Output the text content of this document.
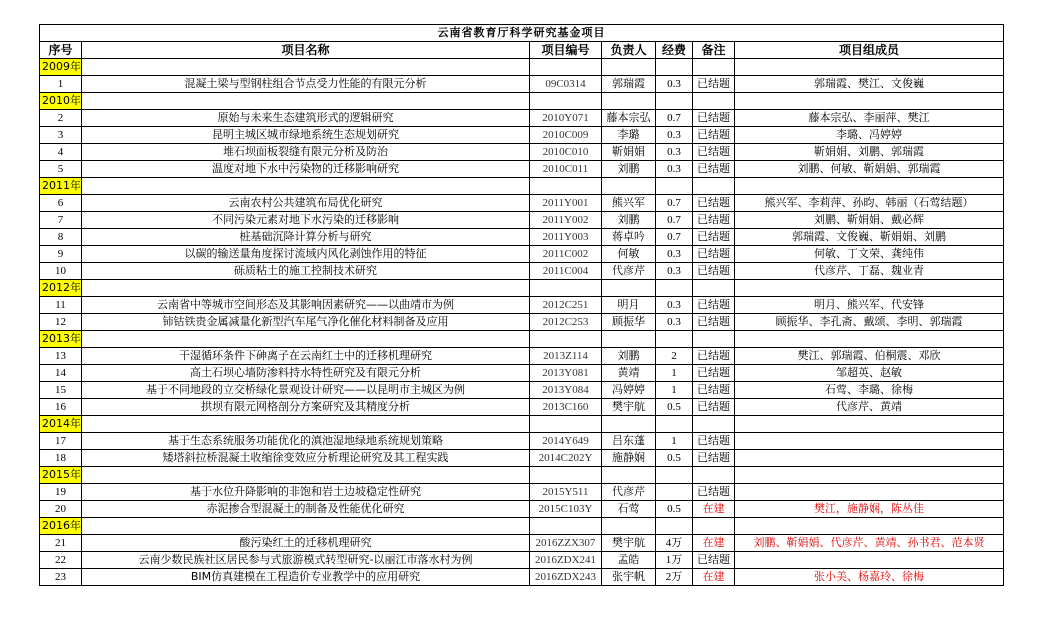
云南省教育厅科学研究基金项目						
序号	项目名称	项目编号	负责人	经费	备注	项目组成员
2009年						
1	混凝土梁与型钢柱组合节点受力性能的有限元分析	09C0314	郭瑞霞	0.3	已结题	郭瑞霞、樊江、文俊巍
2010年						
2	原始与未来生态建筑形式的逻辑研究	2010Y071	藤本宗弘	0.7	已结题	藤本宗弘、李丽萍、樊江
3	昆明主城区城市绿地系统生态规划研究	2010C009	李璐	0.3	已结题	李璐、冯婷婷
4	堆石坝面板裂缝有限元分析及防治	2010C010	靳娟娟	0.3	已结题	靳娟娟、刘鹏、郭瑞霞
5	温度对地下水中污染物的迁移影响研究	2010C011	刘鹏	0.3	已结题	刘鹏、何敏、靳娟娟、郭瑞霞
2011年						
6	云南农村公共建筑布局优化研究	2011Y001	熊兴军	0.7	已结题	熊兴军、李莉萍、孙昀、韩丽（石莺结题）
7	不同污染元素对地下水污染的迁移影响	2011Y002	刘鹏	0.7	已结题	刘鹏、靳娟娟、戴必辉
8	桩基础沉降计算分析与研究	2011Y003	蒋卓吟	0.7	已结题	郭瑞霞、文俊巍、靳娟娟、刘鹏
9	以碳的输送量角度探讨流域内风化剥蚀作用的特征	2011C002	何敏	0.3	已结题	何敏、丁文荣、龚纯伟
10	砾质粘土的施工控制技术研究	2011C004	代彦芹	0.3	已结题	代彦芹、丁磊、魏业青
2012年						
11	云南省中等城市空间形态及其影响因素研究——以曲靖市为例	2012C251	明月	0.3	已结题	明月、熊兴军、代安锋
12	铈钴铁贵金属减量化新型汽车尾气净化催化材料制备及应用	2012C253	顾振华	0.3	已结题	顾振华、李孔斋、戴颂、李明、郭瑞霞
2013年						
13	干湿循环条件下砷离子在云南红土中的迁移机理研究	2013Z114	刘鹏	2	已结题	樊江、郭瑞霞、伯桐震、邓欣
14	高土石坝心墙防渗料持水特性研究及有限元分析	2013Y081	黄靖	1	已结题	邹超英、赵敏
15	基于不同地段的立交桥绿化景观设计研究——以昆明市主城区为例	2013Y084	冯婷婷	1	已结题	石莺、李璐、徐梅
16	拱坝有限元网格剖分方案研究及其精度分析	2013C160	樊宇航	0.5	已结题	代彦芹、黄靖
2014年						
17	基于生态系统服务功能优化的滇池湿地绿地系统规划策略	2014Y649	吕东蓬	1	已结题	
18	矮塔斜拉桥混凝土收缩徐变效应分析理论研究及其工程实践	2014C202Y	施静娴	0.5	已结题	
2015年						
19	基于水位升降影响的非饱和岩土边坡稳定性研究	2015Y511	代彦芹		已结题	
20	赤泥掺合型混凝土的制备及性能优化研究	2015C103Y	石莺	0.5	在建	樊江，施静娴，陈丛佳
2016年						
21	酸污染红土的迁移机理研究	2016ZZX307	樊宇航	4万	在建	刘鹏、靳娟娟、代彦芹、黄靖、孙书君、范本贤
22	云南少数民族社区居民参与式旅游模式转型研究-以丽江市落水村为例	2016ZDX241	孟皓	1万	已结题	
23	BIM仿真建模在工程造价专业教学中的应用研究	2016ZDX243	张宇帆	2万	在建	张小美、杨嘉玲、徐梅
